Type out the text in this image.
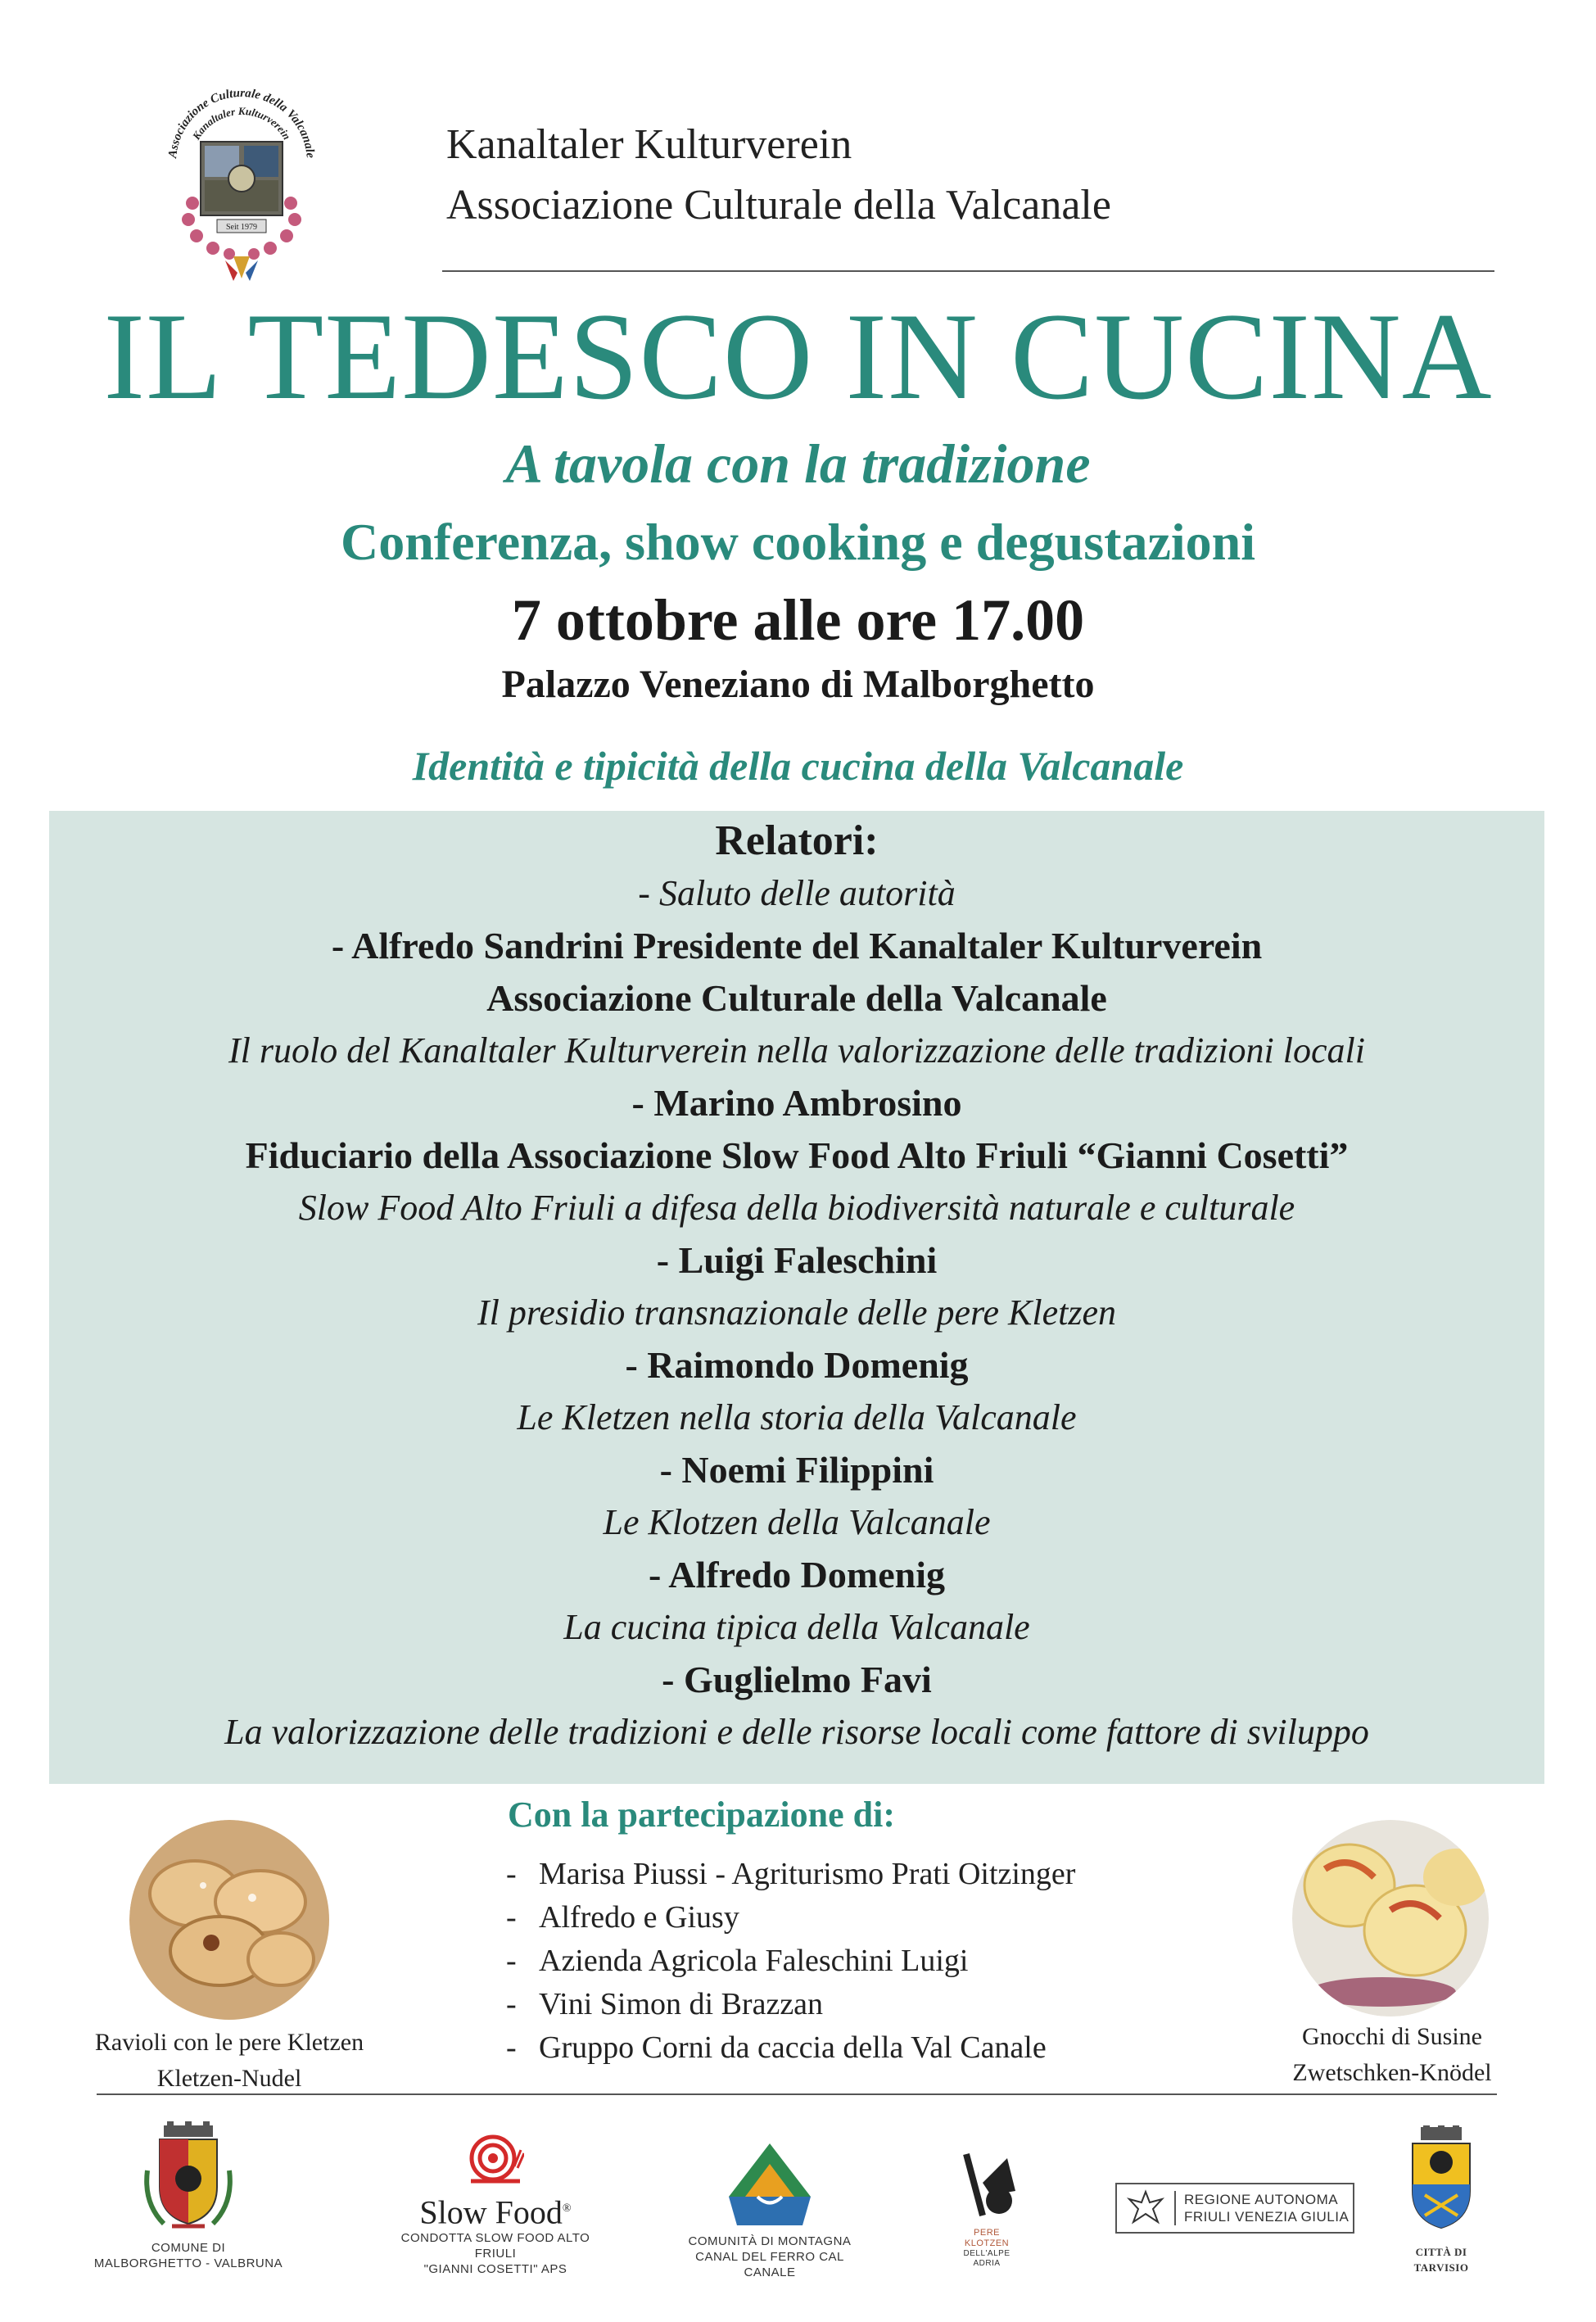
Associazione Culturale della Valcanale
Kanaltaler Kulturverein
Seit 1979
Kanaltaler Kulturverein
Associazione Culturale della Valcanale
IL TEDESCO IN CUCINA
A tavola con la tradizione
Conferenza, show cooking e degustazioni
7 ottobre alle ore 17.00
Palazzo Veneziano di Malborghetto
Identità e tipicità della cucina della Valcanale
Relatori:
- Saluto delle autorità
- Alfredo Sandrini Presidente del Kanaltaler Kulturverein
Associazione Culturale della Valcanale
Il ruolo del Kanaltaler Kulturverein nella valorizzazione delle tradizioni locali
- Marino Ambrosino
Fiduciario della Associazione Slow Food Alto Friuli “Gianni Cosetti”
Slow Food Alto Friuli a difesa della biodiversità naturale e culturale
- Luigi Faleschini
Il presidio transnazionale delle pere Kletzen
- Raimondo Domenig
Le Kletzen nella storia della Valcanale
- Noemi Filippini
Le Klotzen della Valcanale
- Alfredo Domenig
La cucina tipica della Valcanale
- Guglielmo Favi
La valorizzazione delle tradizioni e delle risorse locali come fattore di sviluppo
Con la partecipazione di:
- Marisa Piussi - Agriturismo Prati Oitzinger
- Alfredo e Giusy
- Azienda Agricola Faleschini Luigi
- Vini Simon di Brazzan
- Gruppo Corni da caccia della Val Canale
Ravioli con le pere Kletzen
Kletzen-Nudel
Gnocchi di Susine
Zwetschken-Knödel
COMUNE DI
MALBORGHETTO - VALBRUNA
Slow Food®
CONDOTTA SLOW FOOD ALTO FRIULI
"GIANNI COSETTI" APS
COMUNITÀ DI MONTAGNA
CANAL DEL FERRO CAL CANALE
PERE
KLOTZEN
DELL'ALPE
ADRIA
REGIONE AUTONOMA
FRIULI VENEZIA GIULIA
CITTÀ DI TARVISIO
